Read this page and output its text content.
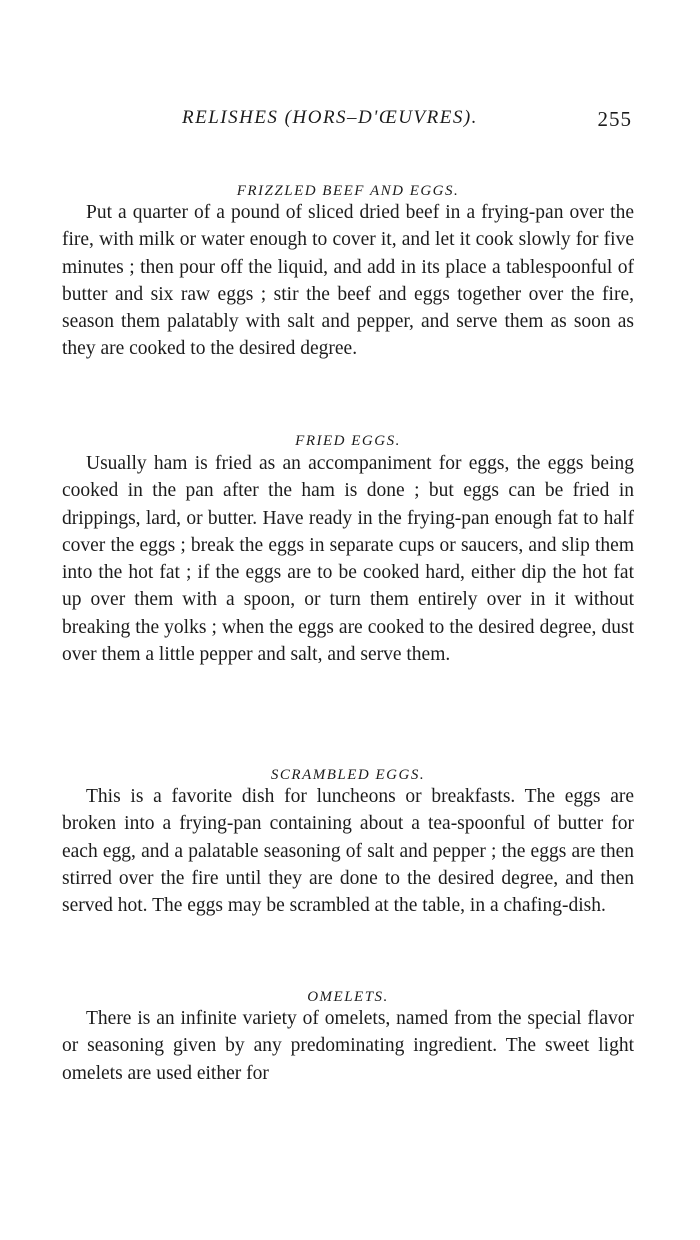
RELISHES (HORS–D'ŒUVRES).	255
FRIZZLED BEEF AND EGGS.

Put a quarter of a pound of sliced dried beef in a frying-pan over the fire, with milk or water enough to cover it, and let it cook slowly for five minutes ; then pour off the liquid, and add in its place a tablespoonful of butter and six raw eggs ; stir the beef and eggs together over the fire, season them palatably with salt and pepper, and serve them as soon as they are cooked to the desired degree.

FRIED EGGS.

Usually ham is fried as an accompaniment for eggs, the eggs being cooked in the pan after the ham is done ; but eggs can be fried in drippings, lard, or butter. Have ready in the frying-pan enough fat to half cover the eggs ; break the eggs in separate cups or saucers, and slip them into the hot fat ; if the eggs are to be cooked hard, either dip the hot fat up over them with a spoon, or turn them entirely over in it without breaking the yolks ; when the eggs are cooked to the desired degree, dust over them a little pepper and salt, and serve them.

SCRAMBLED EGGS.

This is a favorite dish for luncheons or breakfasts. The eggs are broken into a frying-pan containing about a tea-spoonful of butter for each egg, and a palatable seasoning of salt and pepper ; the eggs are then stirred over the fire until they are done to the desired degree, and then served hot. The eggs may be scrambled at the table, in a chafing-dish.

OMELETS.

There is an infinite variety of omelets, named from the special flavor or seasoning given by any predominating ingredient. The sweet light omelets are used either for
